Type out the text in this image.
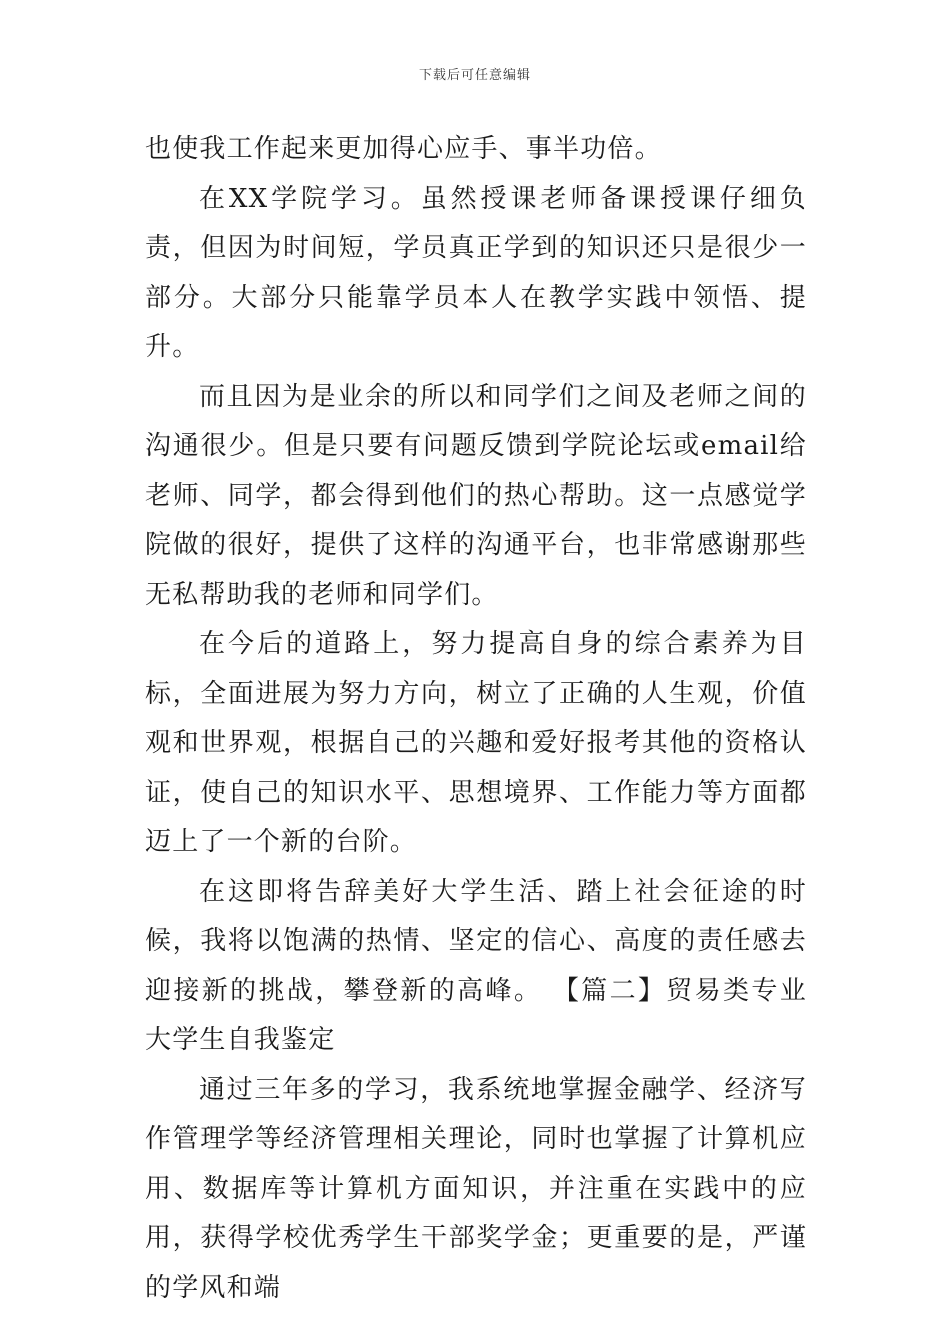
下载后可任意编辑

也使我工作起来更加得心应手、事半功倍。

在XX学院学习。虽然授课老师备课授课仔细负责，但因为时间短，学员真正学到的知识还只是很少一部分。大部分只能靠学员本人在教学实践中领悟、提升。

而且因为是业余的所以和同学们之间及老师之间的沟通很少。但是只要有问题反馈到学院论坛或email给老师、同学，都会得到他们的热心帮助。这一点感觉学院做的很好，提供了这样的沟通平台，也非常感谢那些无私帮助我的老师和同学们。

在今后的道路上，努力提高自身的综合素养为目标，全面进展为努力方向，树立了正确的人生观，价值观和世界观，根据自己的兴趣和爱好报考其他的资格认证，使自己的知识水平、思想境界、工作能力等方面都迈上了一个新的台阶。

在这即将告辞美好大学生活、踏上社会征途的时候，我将以饱满的热情、坚定的信心、高度的责任感去迎接新的挑战，攀登新的高峰。 【篇二】贸易类专业大学生自我鉴定

通过三年多的学习，我系统地掌握金融学、经济写作管理学等经济管理相关理论，同时也掌握了计算机应用、数据库等计算机方面知识，并注重在实践中的应用，获得学校优秀学生干部奖学金；更重要的是，严谨的学风和端
